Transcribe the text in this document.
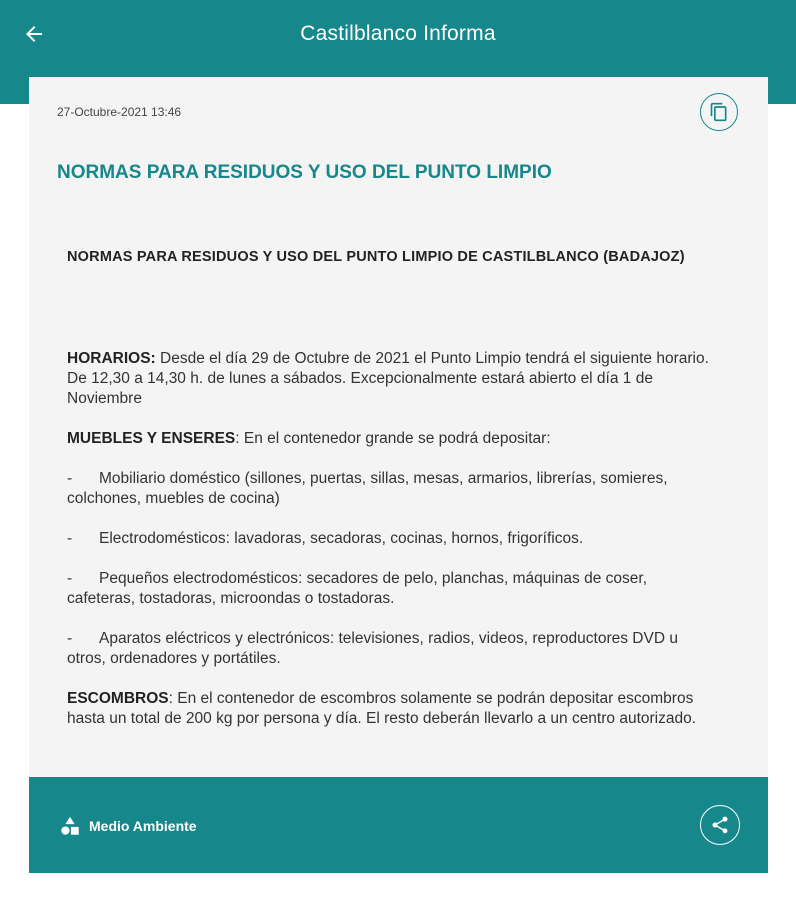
Castilblanco Informa
27-Octubre-2021 13:46
NORMAS PARA RESIDUOS Y USO DEL PUNTO LIMPIO

NORMAS PARA RESIDUOS Y USO DEL PUNTO LIMPIO DE CASTILBLANCO (BADAJOZ)

HORARIOS: Desde el día 29 de Octubre de 2021 el Punto Limpio tendrá el siguiente horario. De 12,30 a 14,30 h. de lunes a sábados. Excepcionalmente estará abierto el día 1 de Noviembre

MUEBLES Y ENSERES: En el contenedor grande se podrá depositar:

- Mobiliario doméstico (sillones, puertas, sillas, mesas, armarios, librerías, somieres, colchones, muebles de cocina)

- Electrodomésticos: lavadoras, secadoras, cocinas, hornos, frigoríficos.

- Pequeños electrodomésticos: secadores de pelo, planchas, máquinas de coser, cafeteras, tostadoras, microondas o tostadoras.

- Aparatos eléctricos y electrónicos: televisiones, radios, videos, reproductores DVD u otros, ordenadores y portátiles.

ESCOMBROS: En el contenedor de escombros solamente se podrán depositar escombros hasta un total de 200 kg por persona y día. El resto deberán llevarlo a un centro autorizado.

Medio Ambiente
